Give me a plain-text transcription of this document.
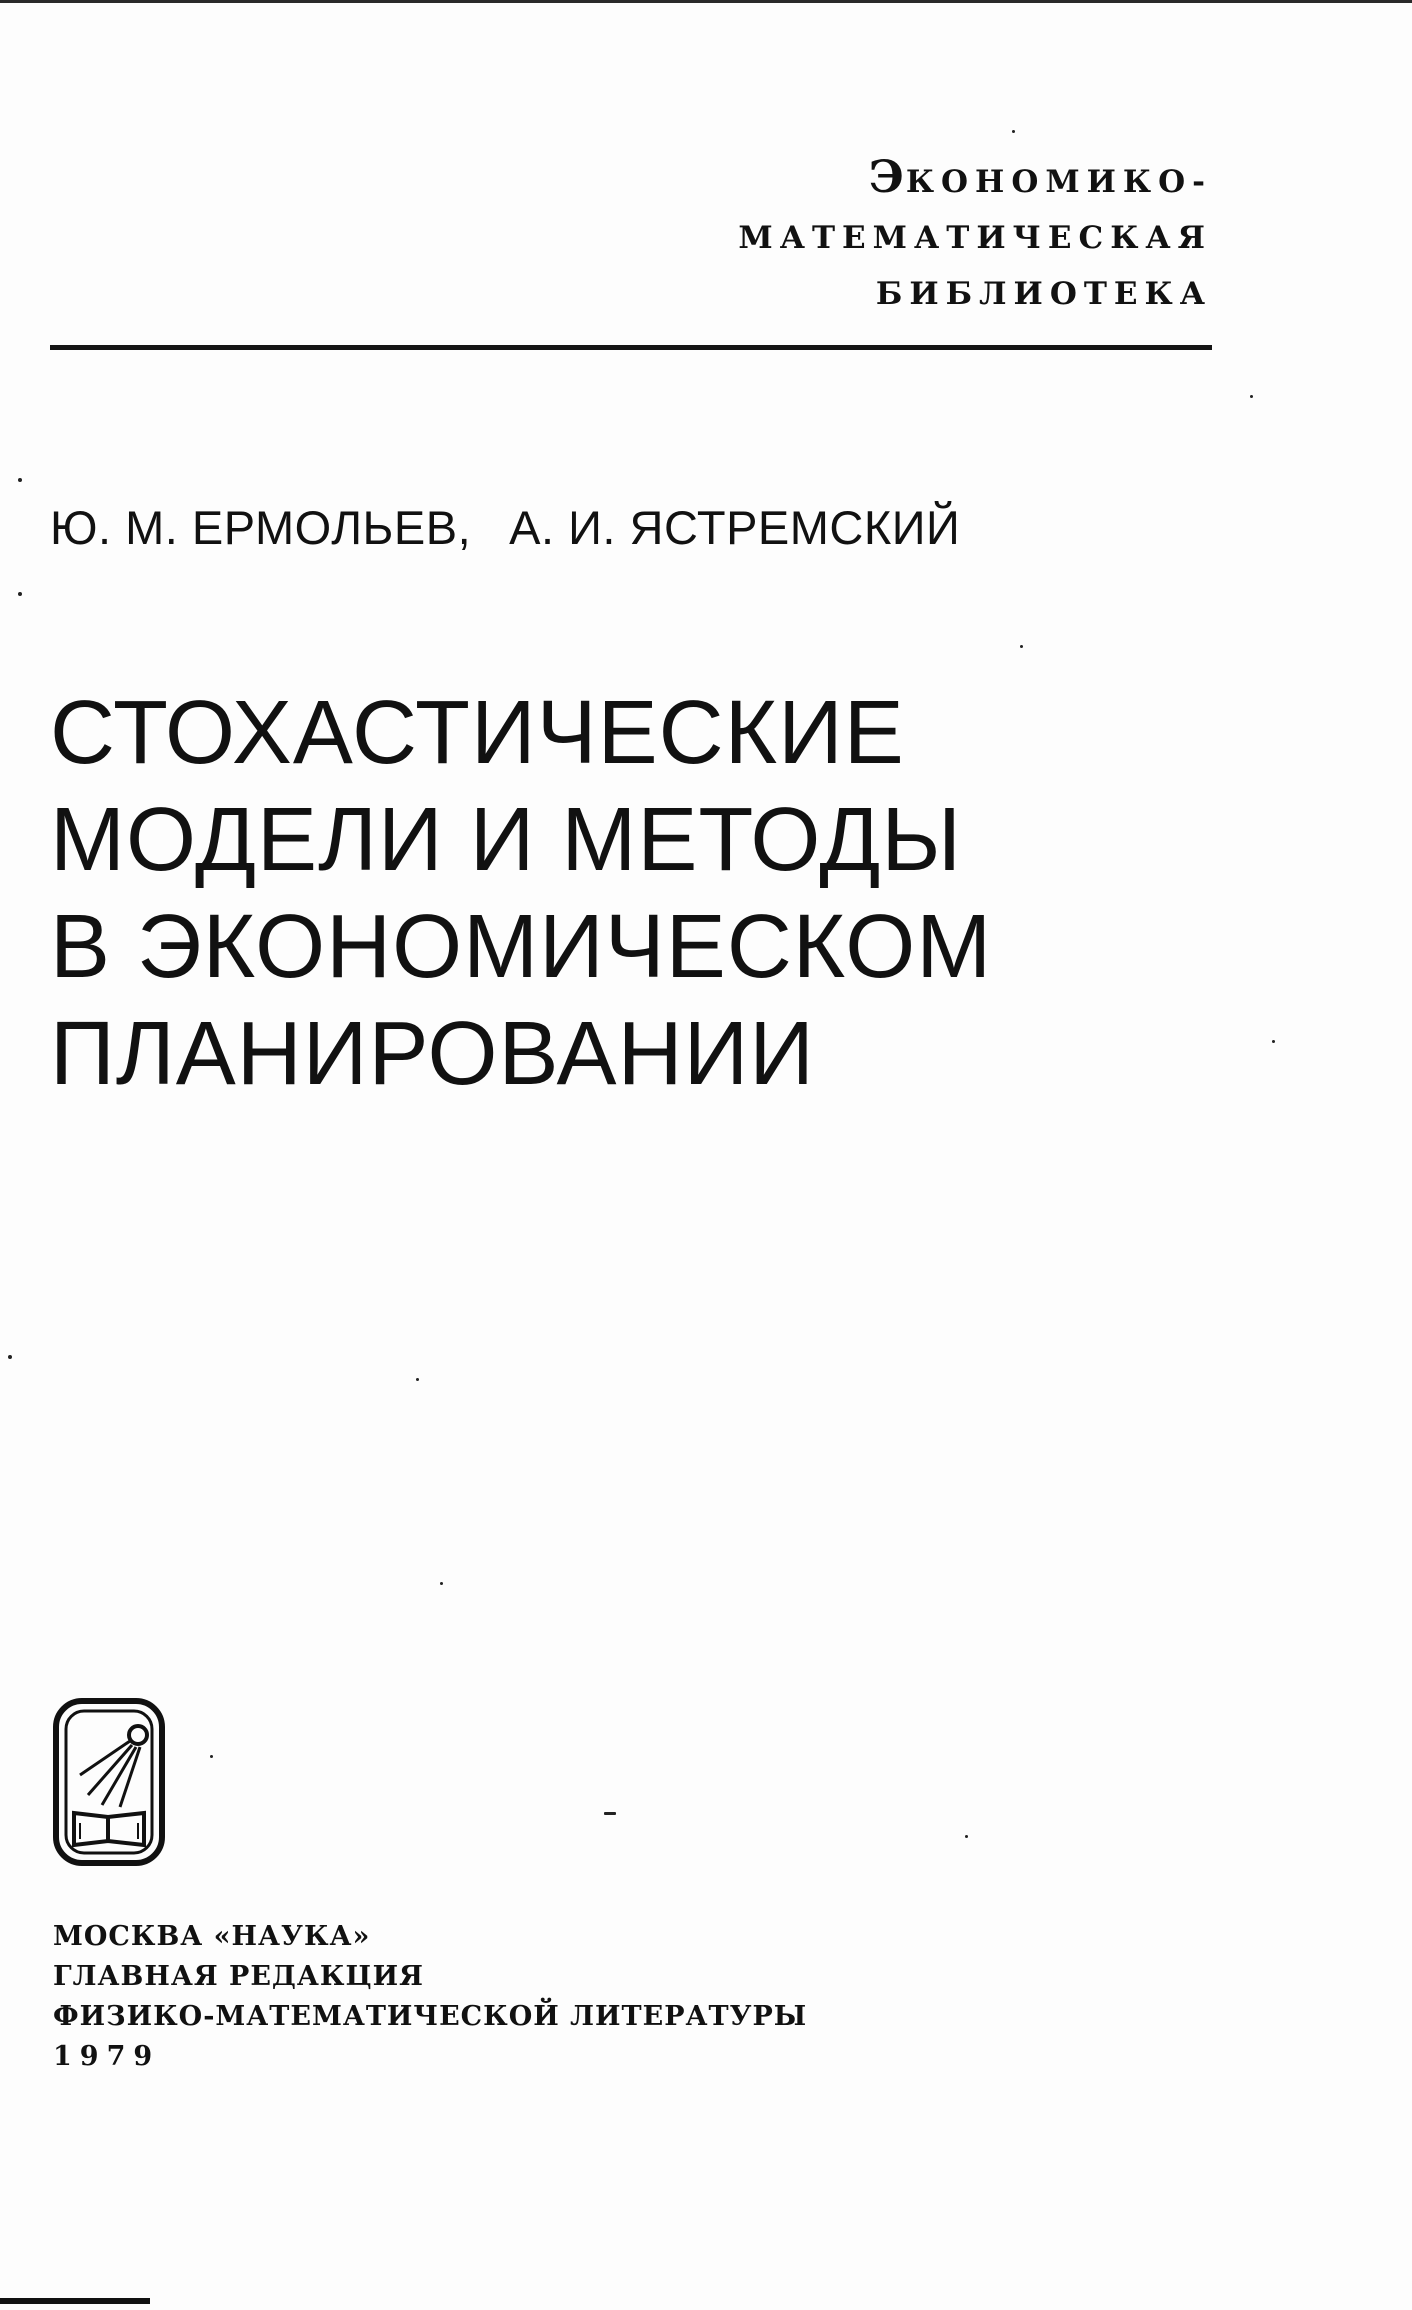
ЭКОНОМИКО-
МАТЕМАТИЧЕСКАЯ
БИБЛИОТЕКА
Ю. М. ЕРМОЛЬЕВ, А. И. ЯСТРЕМСКИЙ
СТОХАСТИЧЕСКИЕ
МОДЕЛИ И МЕТОДЫ
В ЭКОНОМИЧЕСКОМ
ПЛАНИРОВАНИИ
МОСКВА «НАУКА»
ГЛАВНАЯ РЕДАКЦИЯ
ФИЗИКО-МАТЕМАТИЧЕСКОЙ ЛИТЕРАТУРЫ
1979
